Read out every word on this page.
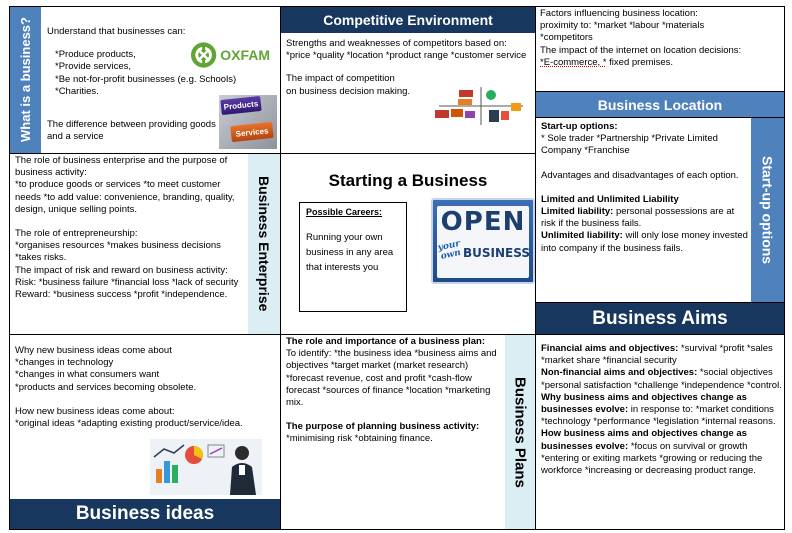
What is a business?	Understand that businesses can:

*Produce products,

*Provide services,

*Be not-for-profit businesses (e.g. Schools)

*Charities.

The difference between providing goods and a service
OXFAM
Products
Services
Competitive Environment

Strengths and weaknesses of competitors based on:

*price *quality *location *product range *customer service

The impact of competition

on business decision making.

Factors influencing business location:

proximity to: *market *labour *materials

*competitors

The impact of the internet on location decisions:

*E-commerce, * fixed premises.

Business Location

Start-up options:

* Sole trader *Partnership *Private Limited Company *Franchise

Advantages and disadvantages of each option.

Limited and Unlimited Liability

Limited liability: personal possessions are at risk if the business fails.

Unlimited liability: will only lose money invested into company if the business fails.	Start-up options

The role of business enterprise and the purpose of business activity:

*to produce goods or services *to meet customer needs *to add value: convenience, branding, quality, design, unique selling points.

The role of entrepreneurship:

*organises resources *makes business decisions *takes risks.

The impact of risk and reward on business activity:

Risk: *business failure *financial loss *lack of security

Reward: *business success *profit *independence.	Business Enterprise	Starting a Business

Possible Careers:

Running your own business in any area that interests you

OPEN
your own BUSINESS
Business Aims

Why new business ideas come about

*changes in technology

*changes in what consumers want

*products and services becoming obsolete.

How new business ideas come about:

*original ideas *adapting existing product/service/idea.

Business ideas

The role and importance of a business plan:

To identify: *the business idea *business aims and objectives *target market (market research) *forecast revenue, cost and profit *cash-flow forecast *sources of finance *location *marketing mix.

The purpose of planning business activity:

*minimising risk *obtaining finance.	Business Plans

Financial aims and objectives: *survival *profit *sales *market share *financial security

Non-financial aims and objectives: *social objectives *personal satisfaction *challenge *independence *control.

Why business aims and objectives change as businesses evolve: in response to: *market conditions *technology *performance *legislation *internal reasons.

How business aims and objectives change as businesses evolve: *focus on survival or growth *entering or exiting markets *growing or reducing the workforce *increasing or decreasing product range.
